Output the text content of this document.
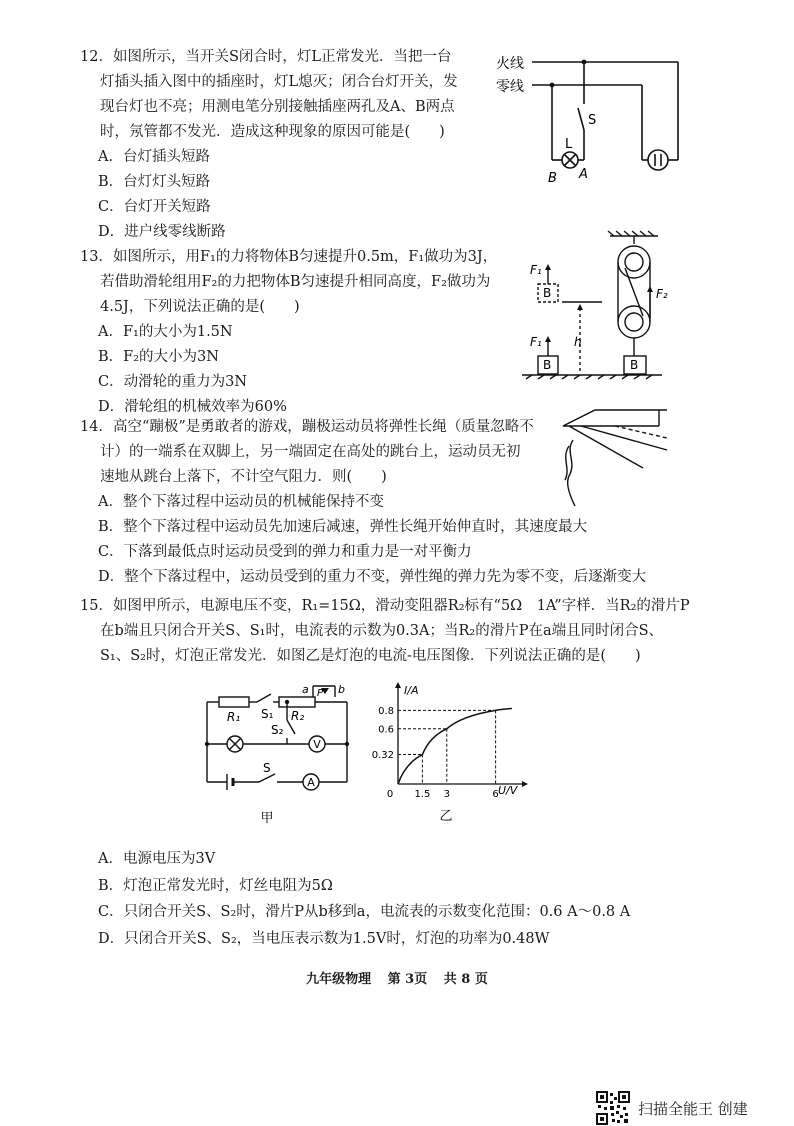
12．如图所示，当开关S闭合时，灯L正常发光．当把一台
灯插头插入图中的插座时，灯L熄灭；闭合台灯开关，发
现台灯也不亮；用测电笔分别接触插座两孔及A、B两点
时，氖管都不发光．造成这种现象的原因可能是(　　)
A．台灯插头短路
B．台灯灯头短路
C．台灯开关短路
D．进户线零线断路
火线
零线
S
L
B A
13．如图所示，用F₁的力将物体B匀速提升0.5m，F₁做功为3J，
若借助滑轮组用F₂的力把物体B匀速提升相同高度，F₂做功为
4.5J，下列说法正确的是(　　)
A．F₁的大小为1.5N
B．F₂的大小为3N
C．动滑轮的重力为3N
D．滑轮组的机械效率为60%
F₁
F₁
F₂
B
B	B
h
14．高空“蹦极”是勇敢者的游戏，蹦极运动员将弹性长绳（质量忽略不
计）的一端系在双脚上，另一端固定在高处的跳台上，运动员无初
速地从跳台上落下，不计空气阻力．则(　　)
A．整个下落过程中运动员的机械能保持不变
B．整个下落过程中运动员先加速后减速，弹性长绳开始伸直时，其速度最大
C．下落到最低点时运动员受到的弹力和重力是一对平衡力
D．整个下落过程中，运动员受到的重力不变，弹性绳的弹力先为零不变，后逐渐变大
15．如图甲所示，电源电压不变，R₁=15Ω，滑动变阻器R₂标有“5Ω　1A”字样．当R₂的滑片P
在b端且只闭合开关S、S₁时，电流表的示数为0.3A；当R₂的滑片P在a端且同时闭合S、
S₁、S₂时，灯泡正常发光．如图乙是灯泡的电流-电压图像．下列说法正确的是(　　)
R₁ S₁ R₂
a P b
S₂
V
S
A
甲
0 1.5 3	6
0.32
0.6
0.8
I/A
U/V
乙
A．电源电压为3V
B．灯泡正常发光时，灯丝电阻为5Ω
C．只闭合开关S、S₂时，滑片P从b移到a，电流表的示数变化范围：0.6 A～0.8 A
D．只闭合开关S、S₂，当电压表示数为1.5V时，灯泡的功率为0.48W
九年级物理 第 3页 共 8 页
扫描全能王 创建
